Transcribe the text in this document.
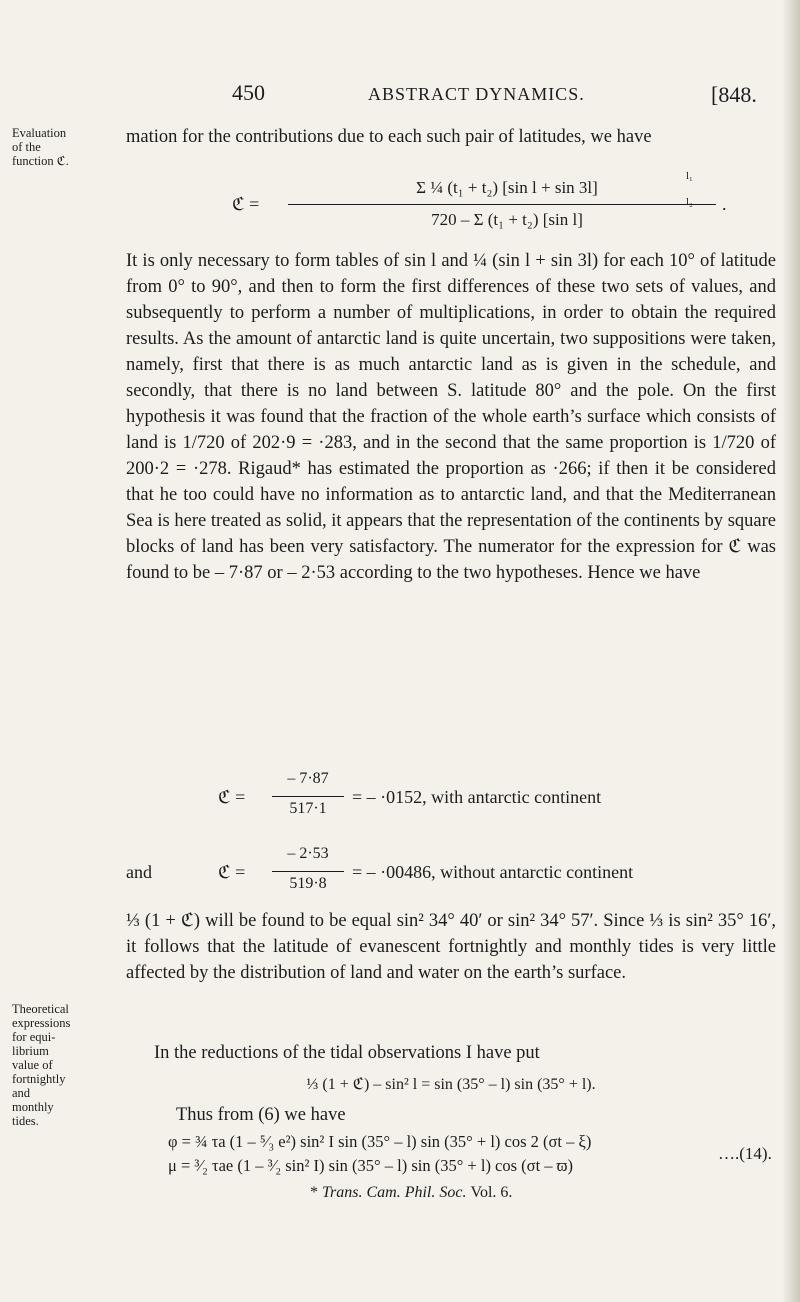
450	ABSTRACT DYNAMICS.	[848.
Evaluation
of the
function ℭ.
Theoretical
expressions
for equi-
librium
value of
fortnightly
and
monthly
tides.

mation for the contributions due to each such pair of latitudes, we have

ℭ =
Σ ¼ (t₁ + t₂) [sin l + sin 3l]
720 – Σ (t₁ + t₂) [sin l]
l₁
l₂ .

It is only necessary to form tables of sin l and ¼ (sin l + sin 3l) for each 10° of latitude from 0° to 90°, and then to form the first differences of these two sets of values, and subsequently to perform a number of multiplications, in order to obtain the required results. As the amount of antarctic land is quite uncertain, two suppositions were taken, namely, first that there is as much antarctic land as is given in the schedule, and secondly, that there is no land between S. latitude 80° and the pole. On the first hypothesis it was found that the fraction of the whole earth’s surface which consists of land is 1/720 of 202·9 = ·283, and in the second that the same proportion is 1/720 of 200·2 = ·278. Rigaud* has estimated the proportion as ·266; if then it be considered that he too could have no information as to antarctic land, and that the Mediterranean Sea is here treated as solid, it appears that the representation of the continents by square blocks of land has been very satisfactory. The numerator for the expression for ℭ was found to be – 7·87 or – 2·53 according to the two hypotheses. Hence we have

ℭ =
– 7·87
517·1
= – ·0152, with antarctic continent
and	ℭ =
– 2·53
519·8
= – ·00486, without antarctic continent

⅓ (1 + ℭ) will be found to be equal sin² 34° 40′ or sin² 34° 57′. Since ⅓ is sin² 35° 16′, it follows that the latitude of evanescent fortnightly and monthly tides is very little affected by the distribution of land and water on the earth’s surface.

In the reductions of the tidal observations I have put

⅓ (1 + ℭ) – sin² l = sin (35° – l) sin (35° + l).

Thus from (6) we have

φ = ¾ τa (1 – ⁵⁄₃ e²) sin² I sin (35° – l) sin (35° + l) cos 2 (σt – ξ)
μ = ³⁄₂ τae (1 – ³⁄₂ sin² I) sin (35° – l) sin (35° + l) cos (σt – ϖ)
….(14).
* Trans. Cam. Phil. Soc. Vol. 6.
